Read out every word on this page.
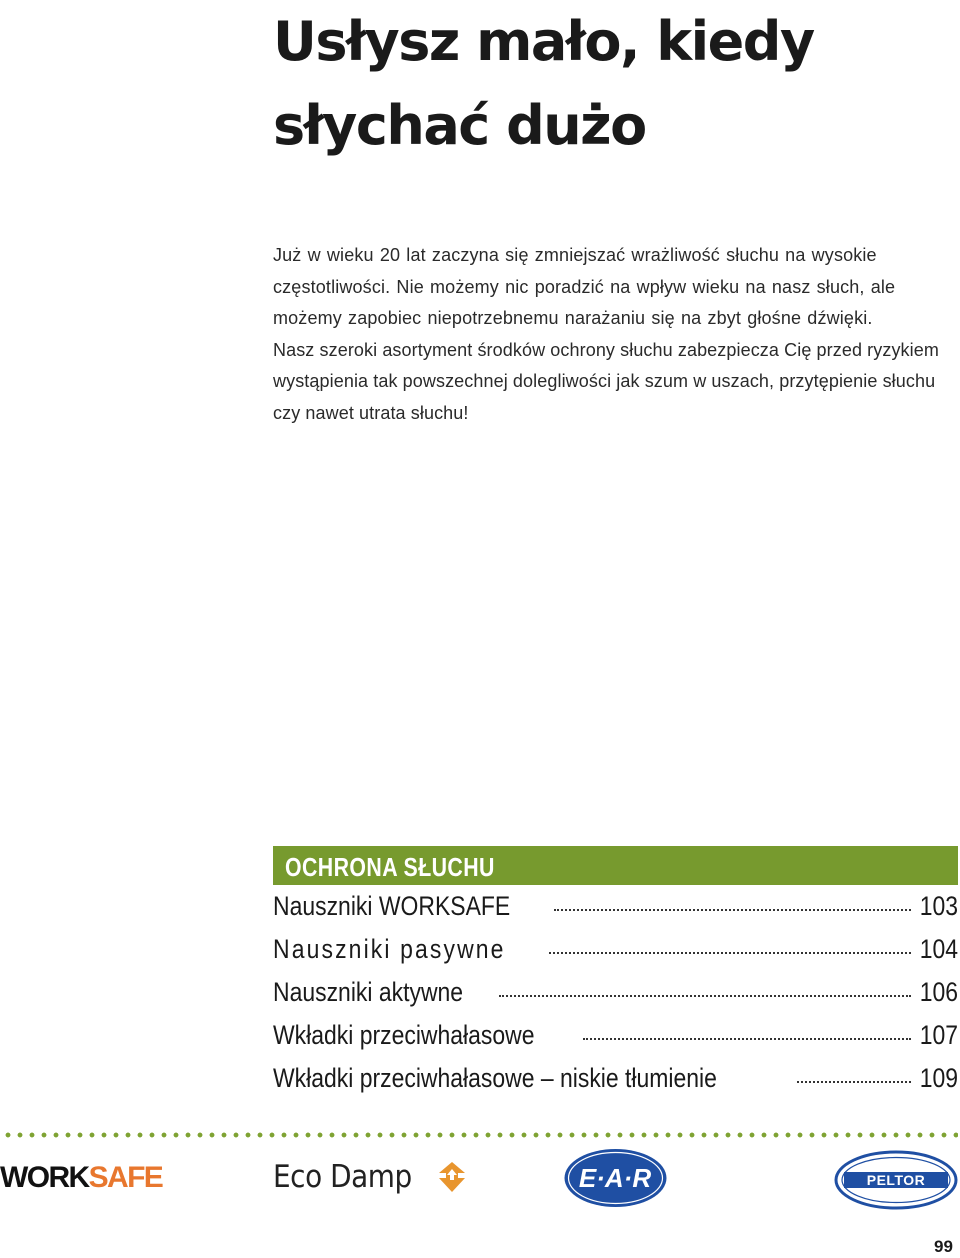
Usłysz mało, kiedy
słychać dużo

Już w wieku 20 lat zaczyna się zmniejszać wrażliwość słuchu na wysokie częstotliwości. Nie możemy nic poradzić na wpływ wieku na nasz słuch, ale możemy zapobiec niepotrzebnemu narażaniu się na zbyt głośne dźwięki.

Nasz szeroki asortyment środków ochrony słuchu zabezpiecza Cię przed ryzykiem wystąpienia tak powszechnej dolegliwości jak szum w uszach, przytępienie słuchu czy nawet utrata słuchu!

OCHRONA SŁUCHU
Nauszniki WORKSAFE	103
Nauszniki pasywne	104
Nauszniki aktywne	106
Wkładki przeciwhałasowe	107
Wkładki przeciwhałasowe – niskie tłumienie	109
WORKSAFE	Eco Damp	E·A·R	PELTOR
99
